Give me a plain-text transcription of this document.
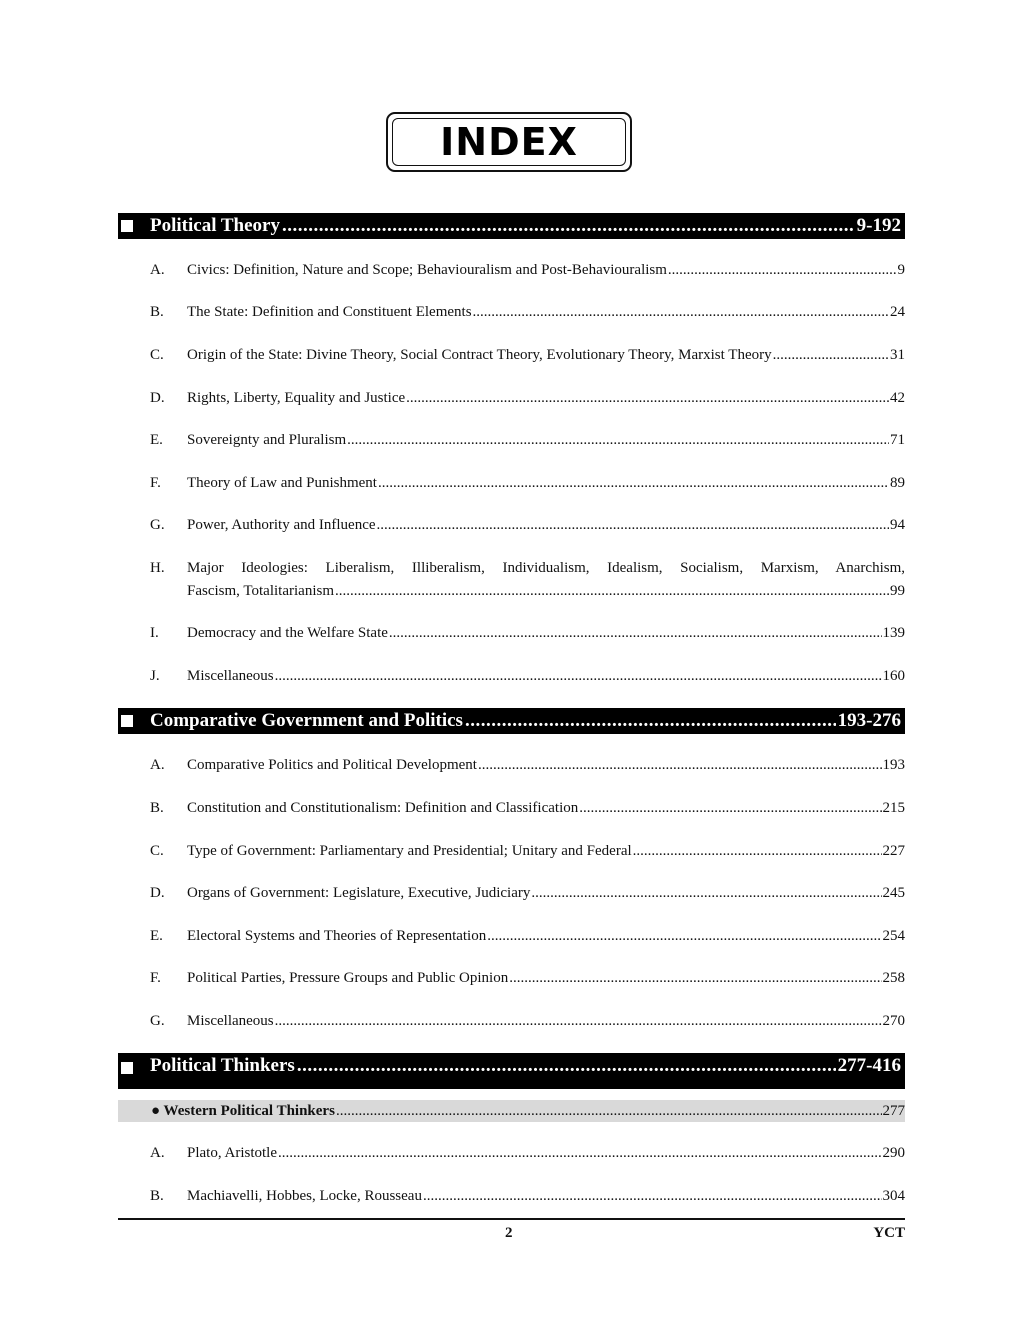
INDEX
Political Theory .....	9-192
A.	Civics: Definition, Nature and Scope; Behaviouralism and Post-Behaviouralism .....	9
B.	The State: Definition and Constituent Elements .....	24
C.	Origin of the State: Divine Theory, Social Contract Theory, Evolutionary Theory, Marxist Theory .....	31
D.	Rights, Liberty, Equality and Justice .....	42
E.	Sovereignty and Pluralism .....	71
F.	Theory of Law and Punishment .....	89
G.	Power, Authority and Influence .....	94
H.	Major Ideologies: Liberalism, Illiberalism, Individualism, Idealism, Socialism, Marxism, Anarchism,
Fascism, Totalitarianism .....	99
I.	Democracy and the Welfare State .....	139
J.	Miscellaneous .....	160
Comparative Government and Politics .....	193-276
A.	Comparative Politics and Political Development .....	193
B.	Constitution and Constitutionalism: Definition and Classification .....	215
C.	Type of Government: Parliamentary and Presidential; Unitary and Federal .....	227
D.	Organs of Government: Legislature, Executive, Judiciary .....	245
E.	Electoral Systems and Theories of Representation .....	254
F.	Political Parties, Pressure Groups and Public Opinion .....	258
G.	Miscellaneous .....	270
Political Thinkers .....	277-416
● Western Political Thinkers .....	277
A.	Plato, Aristotle .....	290
B.	Machiavelli, Hobbes, Locke, Rousseau .....	304
2	YCT
